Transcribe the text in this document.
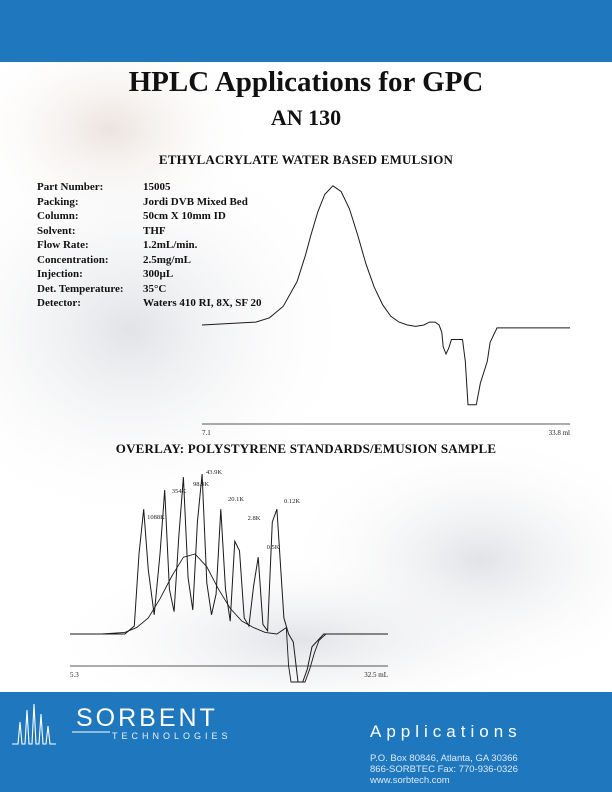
HPLC Applications for GPC
AN 130
ETHYLACRYLATE WATER BASED EMULSION
Part Number:	15005
Packing:	Jordi DVB Mixed Bed
Column:	50cm X 10mm ID
Solvent:	THF
Flow Rate:	1.2mL/min.
Concentration:	2.5mg/mL
Injection:	300µL
Det. Temperature:	35°C
Detector:	Waters 410 RI, 8X, SF 20
7.1	33.8 ml
OVERLAY: POLYSTYRENE STANDARDS/EMUSION SAMPLE
1088K
354K
98.9K
43.9K
20.1K
2.8K
0.5K
0.12K
5.3	32.5 mL
SORBENT
TECHNOLOGIES	Applications
P.O. Box 80846, Atlanta, GA 30366
866-SORBTEC Fax: 770-936-0326
www.sorbtech.com
